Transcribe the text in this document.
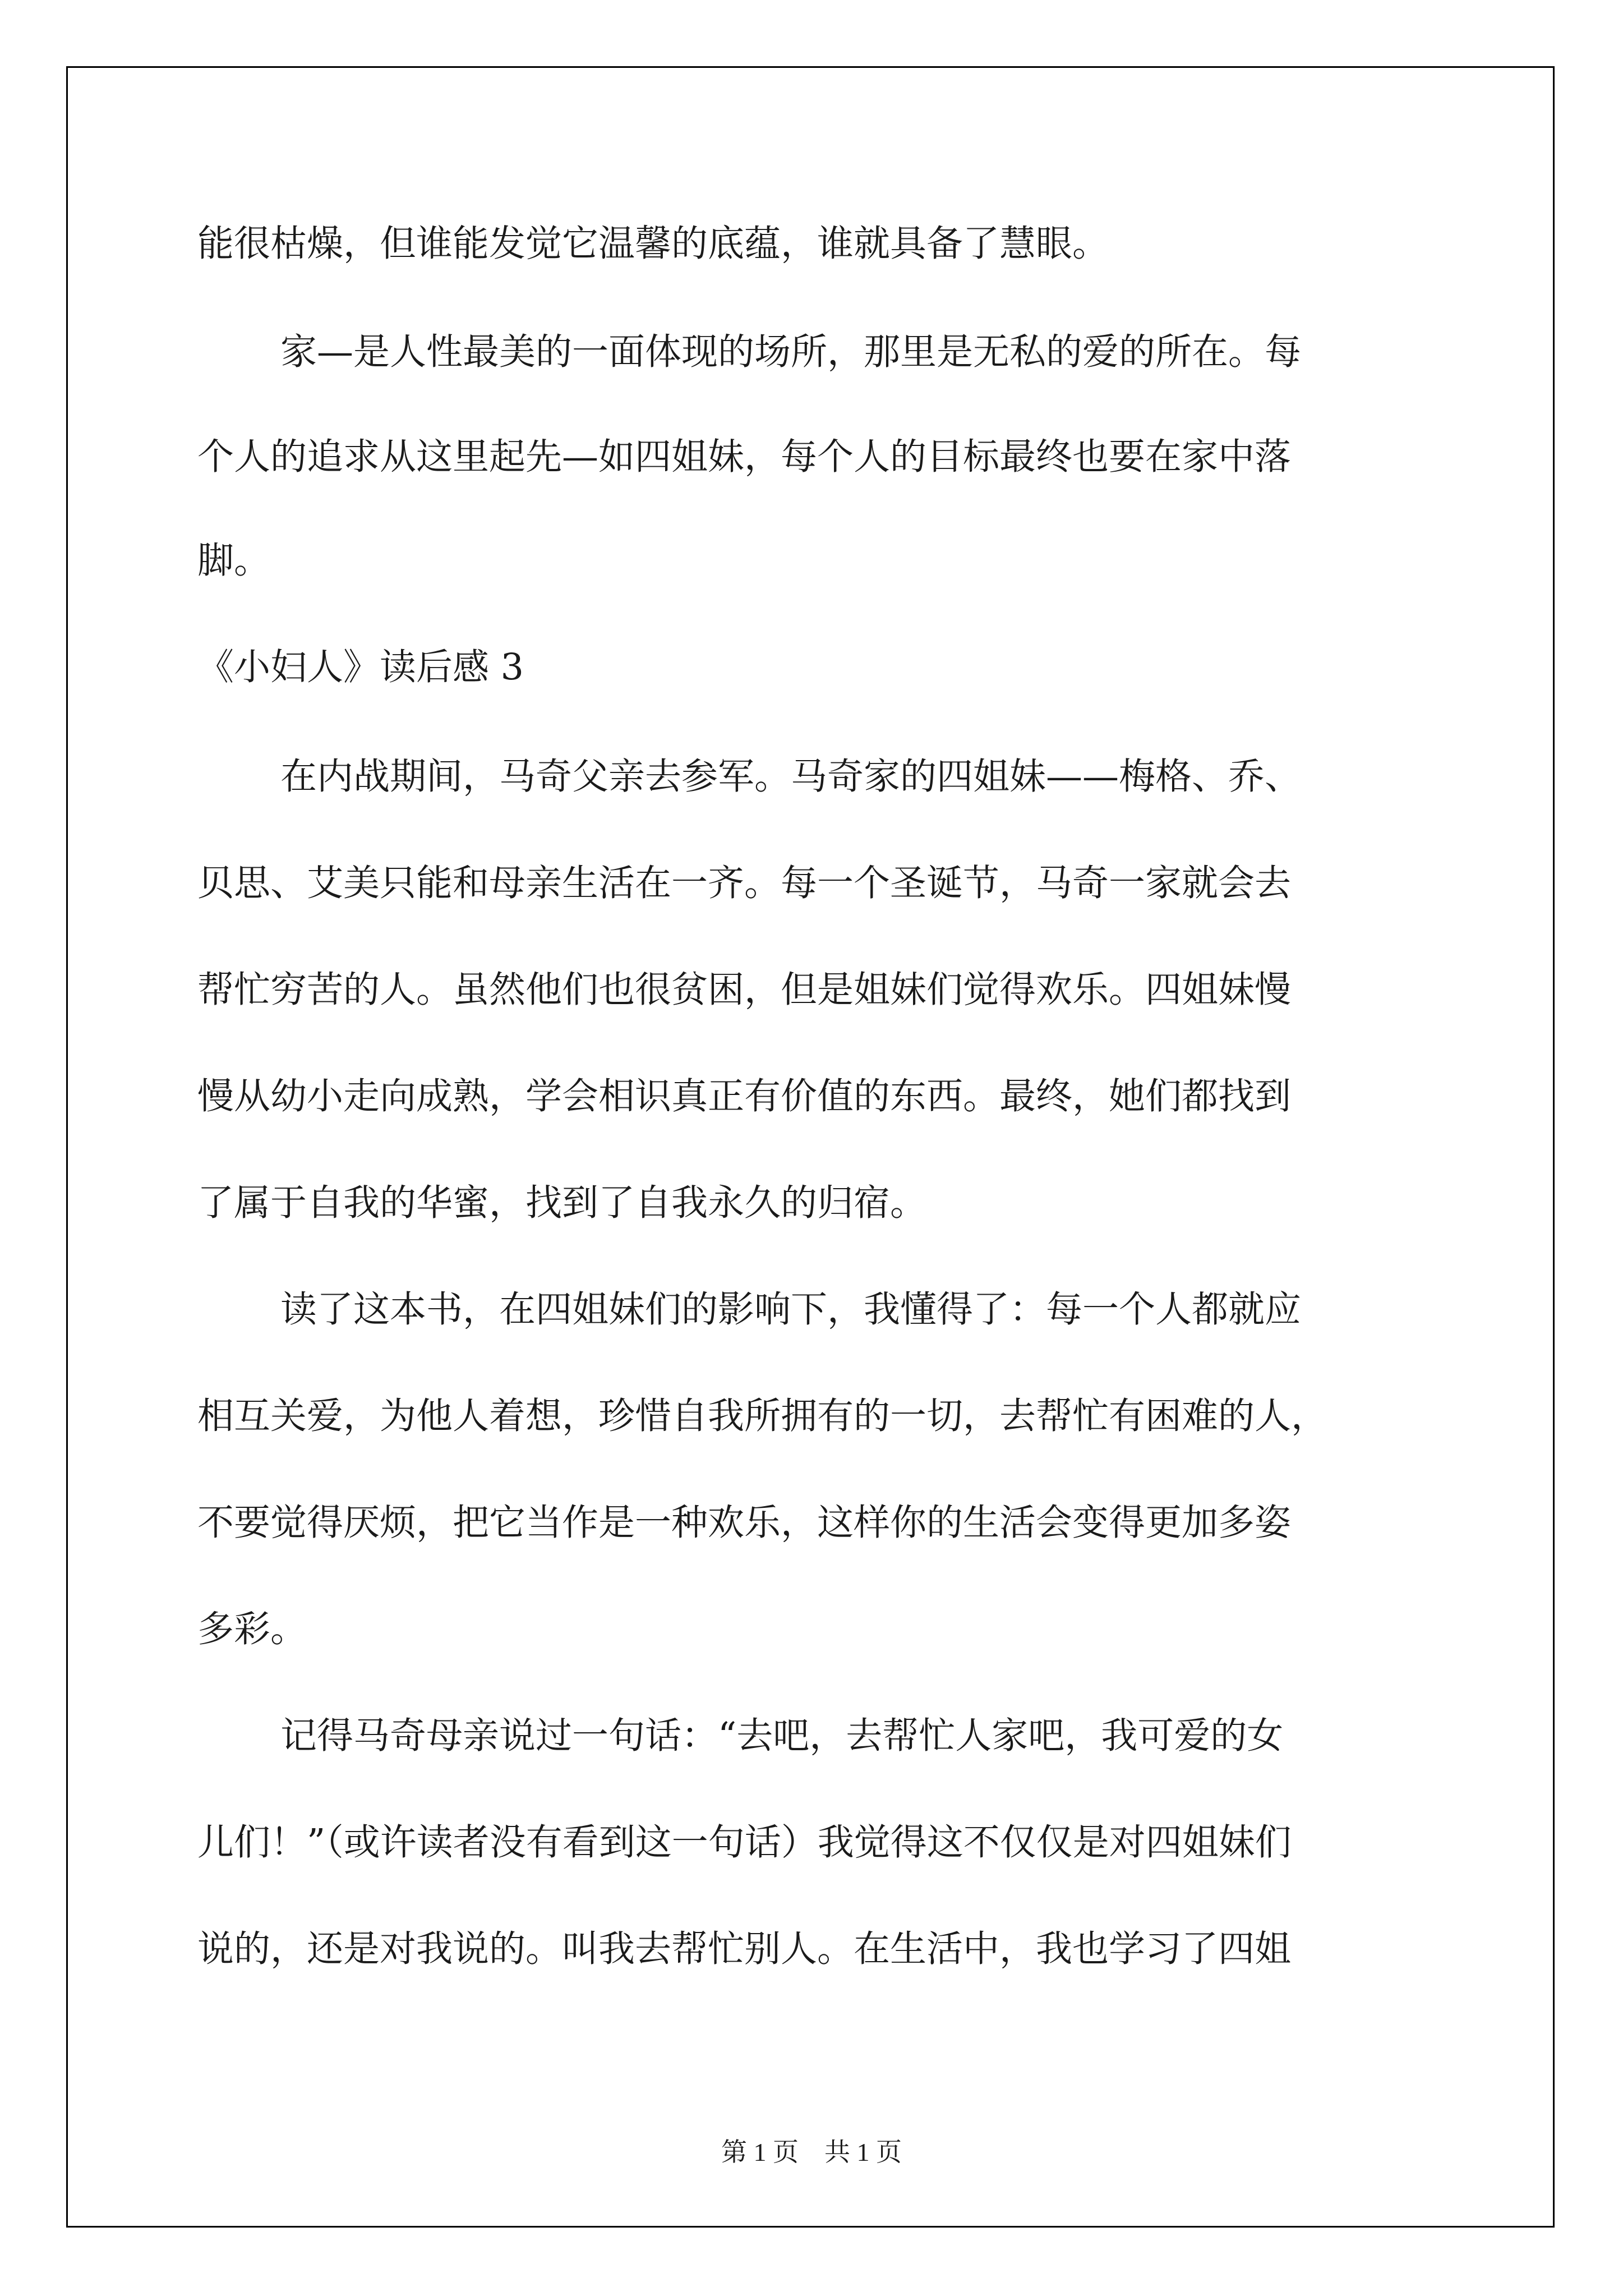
能很枯燥，但谁能发觉它温馨的底蕴，谁就具备了慧眼。
家—是人性最美的一面体现的场所，那里是无私的爱的所在。每
个人的追求从这里起先—如四姐妹，每个人的目标最终也要在家中落
脚。
《小妇人》读后感 3
在内战期间，马奇父亲去参军。马奇家的四姐妹——梅格、乔、
贝思、艾美只能和母亲生活在一齐。每一个圣诞节，马奇一家就会去
帮忙穷苦的人。虽然他们也很贫困，但是姐妹们觉得欢乐。四姐妹慢
慢从幼小走向成熟，学会相识真正有价值的东西。最终，她们都找到
了属于自我的华蜜，找到了自我永久的归宿。
读了这本书，在四姐妹们的影响下，我懂得了：每一个人都就应
相互关爱，为他人着想，珍惜自我所拥有的一切，去帮忙有困难的人，
不要觉得厌烦，把它当作是一种欢乐，这样你的生活会变得更加多姿
多彩。
记得马奇母亲说过一句话：“去吧，去帮忙人家吧，我可爱的女
儿们！”（或许读者没有看到这一句话）我觉得这不仅仅是对四姐妹们
说的，还是对我说的。叫我去帮忙别人。在生活中，我也学习了四姐
第 1 页    共 1 页
